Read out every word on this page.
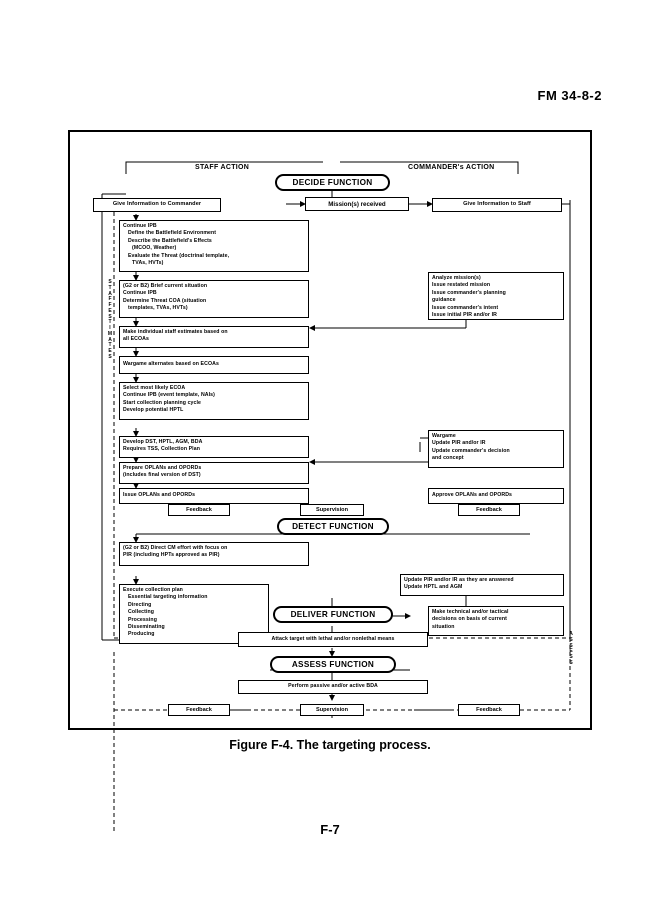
FM 34-8-2
STAFF ACTION	COMMANDER's ACTION
DECIDE FUNCTION
Give Information to Commander	Mission(s) received	Give Information to Staff
Continue IPB
Define the Battlefield Environment
Describe the Battlefield's Effects
(MCOO, Weather)
Evaluate the Threat (doctrinal template,
TVAs, HVTs)
(G2 or B2) Brief current situation
Continue IPB
Determine Threat COA (situation
templates, TVAs, HVTs)
Make individual staff estimates based on
all ECOAs
Wargame alternates based on ECOAs
Select most likely ECOA
Continue IPB (event template, NAIs)
Start collection planning cycle
Develop potential HPTL
Develop DST, HPTL, AGM, BDA
Requires TSS, Collection Plan
Prepare OPLANs and OPORDs
(includes final version of DST)
Issue OPLANs and OPORDs
Analyze mission(s)
Issue restated mission
Issue commander's planning
guidance
Issue commander's intent
Issue initial PIR and/or IR
Wargame
Update PIR and/or IR
Update commander's decision
and concept
Approve OPLANs and OPORDs
Feedback	Supervision	Feedback
DETECT FUNCTION
(G2 or B2) Direct CM effort with focus on
PIR (including HPTs approved as PIR)
Execute collection plan
Essential targeting information
Directing
Collecting
Processing
Disseminating
Producing
Update PIR and/or IR as they are answered
Update HPTL and AGM
DELIVER FUNCTION
Attack target with lethal and/or nonlethal means
Make technical and/or tactical
decisions on basis of current
situation
ASSESS FUNCTION
Perform passive and/or active BDA
Feedback	Supervision	Feedback
S
T
A
F
F
E
S
T
I
M
A
T
E
S
A
S
S
E
S
S
Figure F-4. The targeting process.
F-7
